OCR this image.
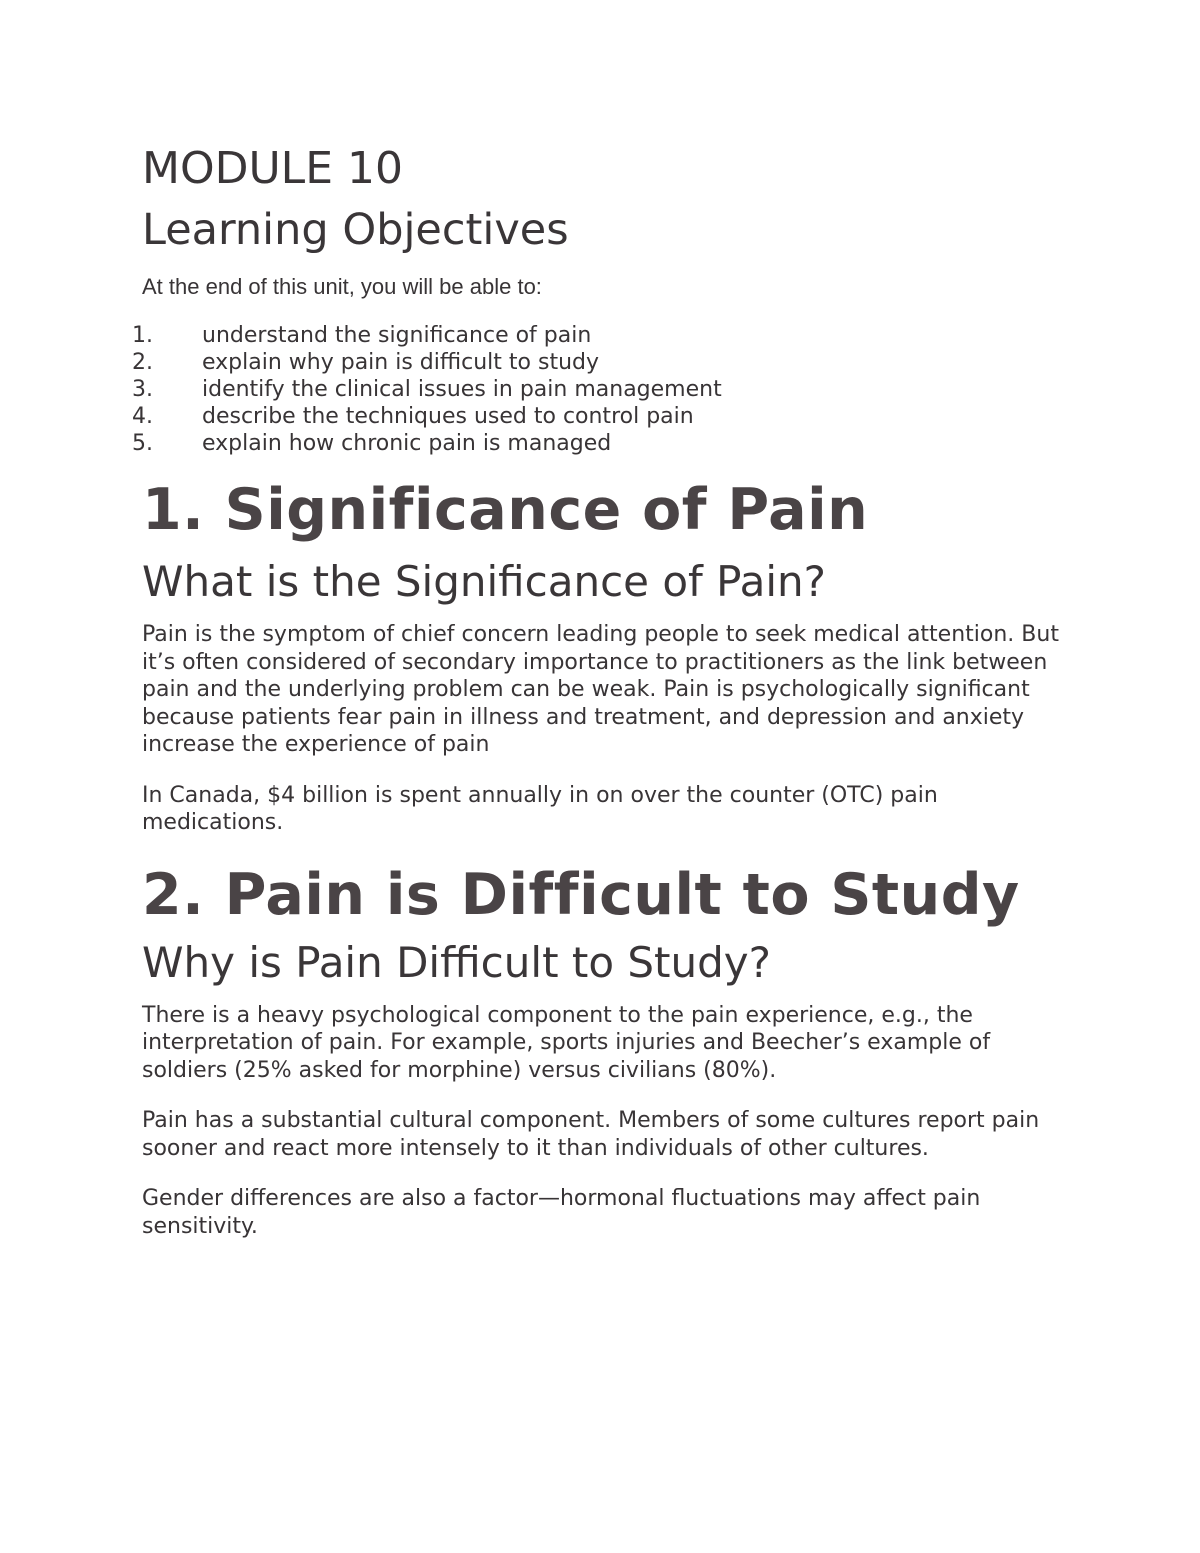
MODULE 10
Learning Objectives

At the end of this unit, you will be able to:

1.	understand the significance of pain
2.	explain why pain is difficult to study
3.	identify the clinical issues in pain management
4.	describe the techniques used to control pain
5.	explain how chronic pain is managed
1. Significance of Pain
What is the Significance of Pain?

Pain is the symptom of chief concern leading people to seek medical attention. But it’s often considered of secondary importance to practitioners as the link between pain and the underlying problem can be weak. Pain is psychologically significant because patients fear pain in illness and treatment, and depression and anxiety increase the experience of pain

In Canada, $4 billion is spent annually in on over the counter (OTC) pain medications.

2. Pain is Difficult to Study
Why is Pain Difficult to Study?

There is a heavy psychological component to the pain experience, e.g., the interpretation of pain. For example, sports injuries and Beecher’s example of soldiers (25% asked for morphine) versus civilians (80%).

Pain has a substantial cultural component. Members of some cultures report pain sooner and react more intensely to it than individuals of other cultures.

Gender differences are also a factor—hormonal fluctuations may affect pain sensitivity.
